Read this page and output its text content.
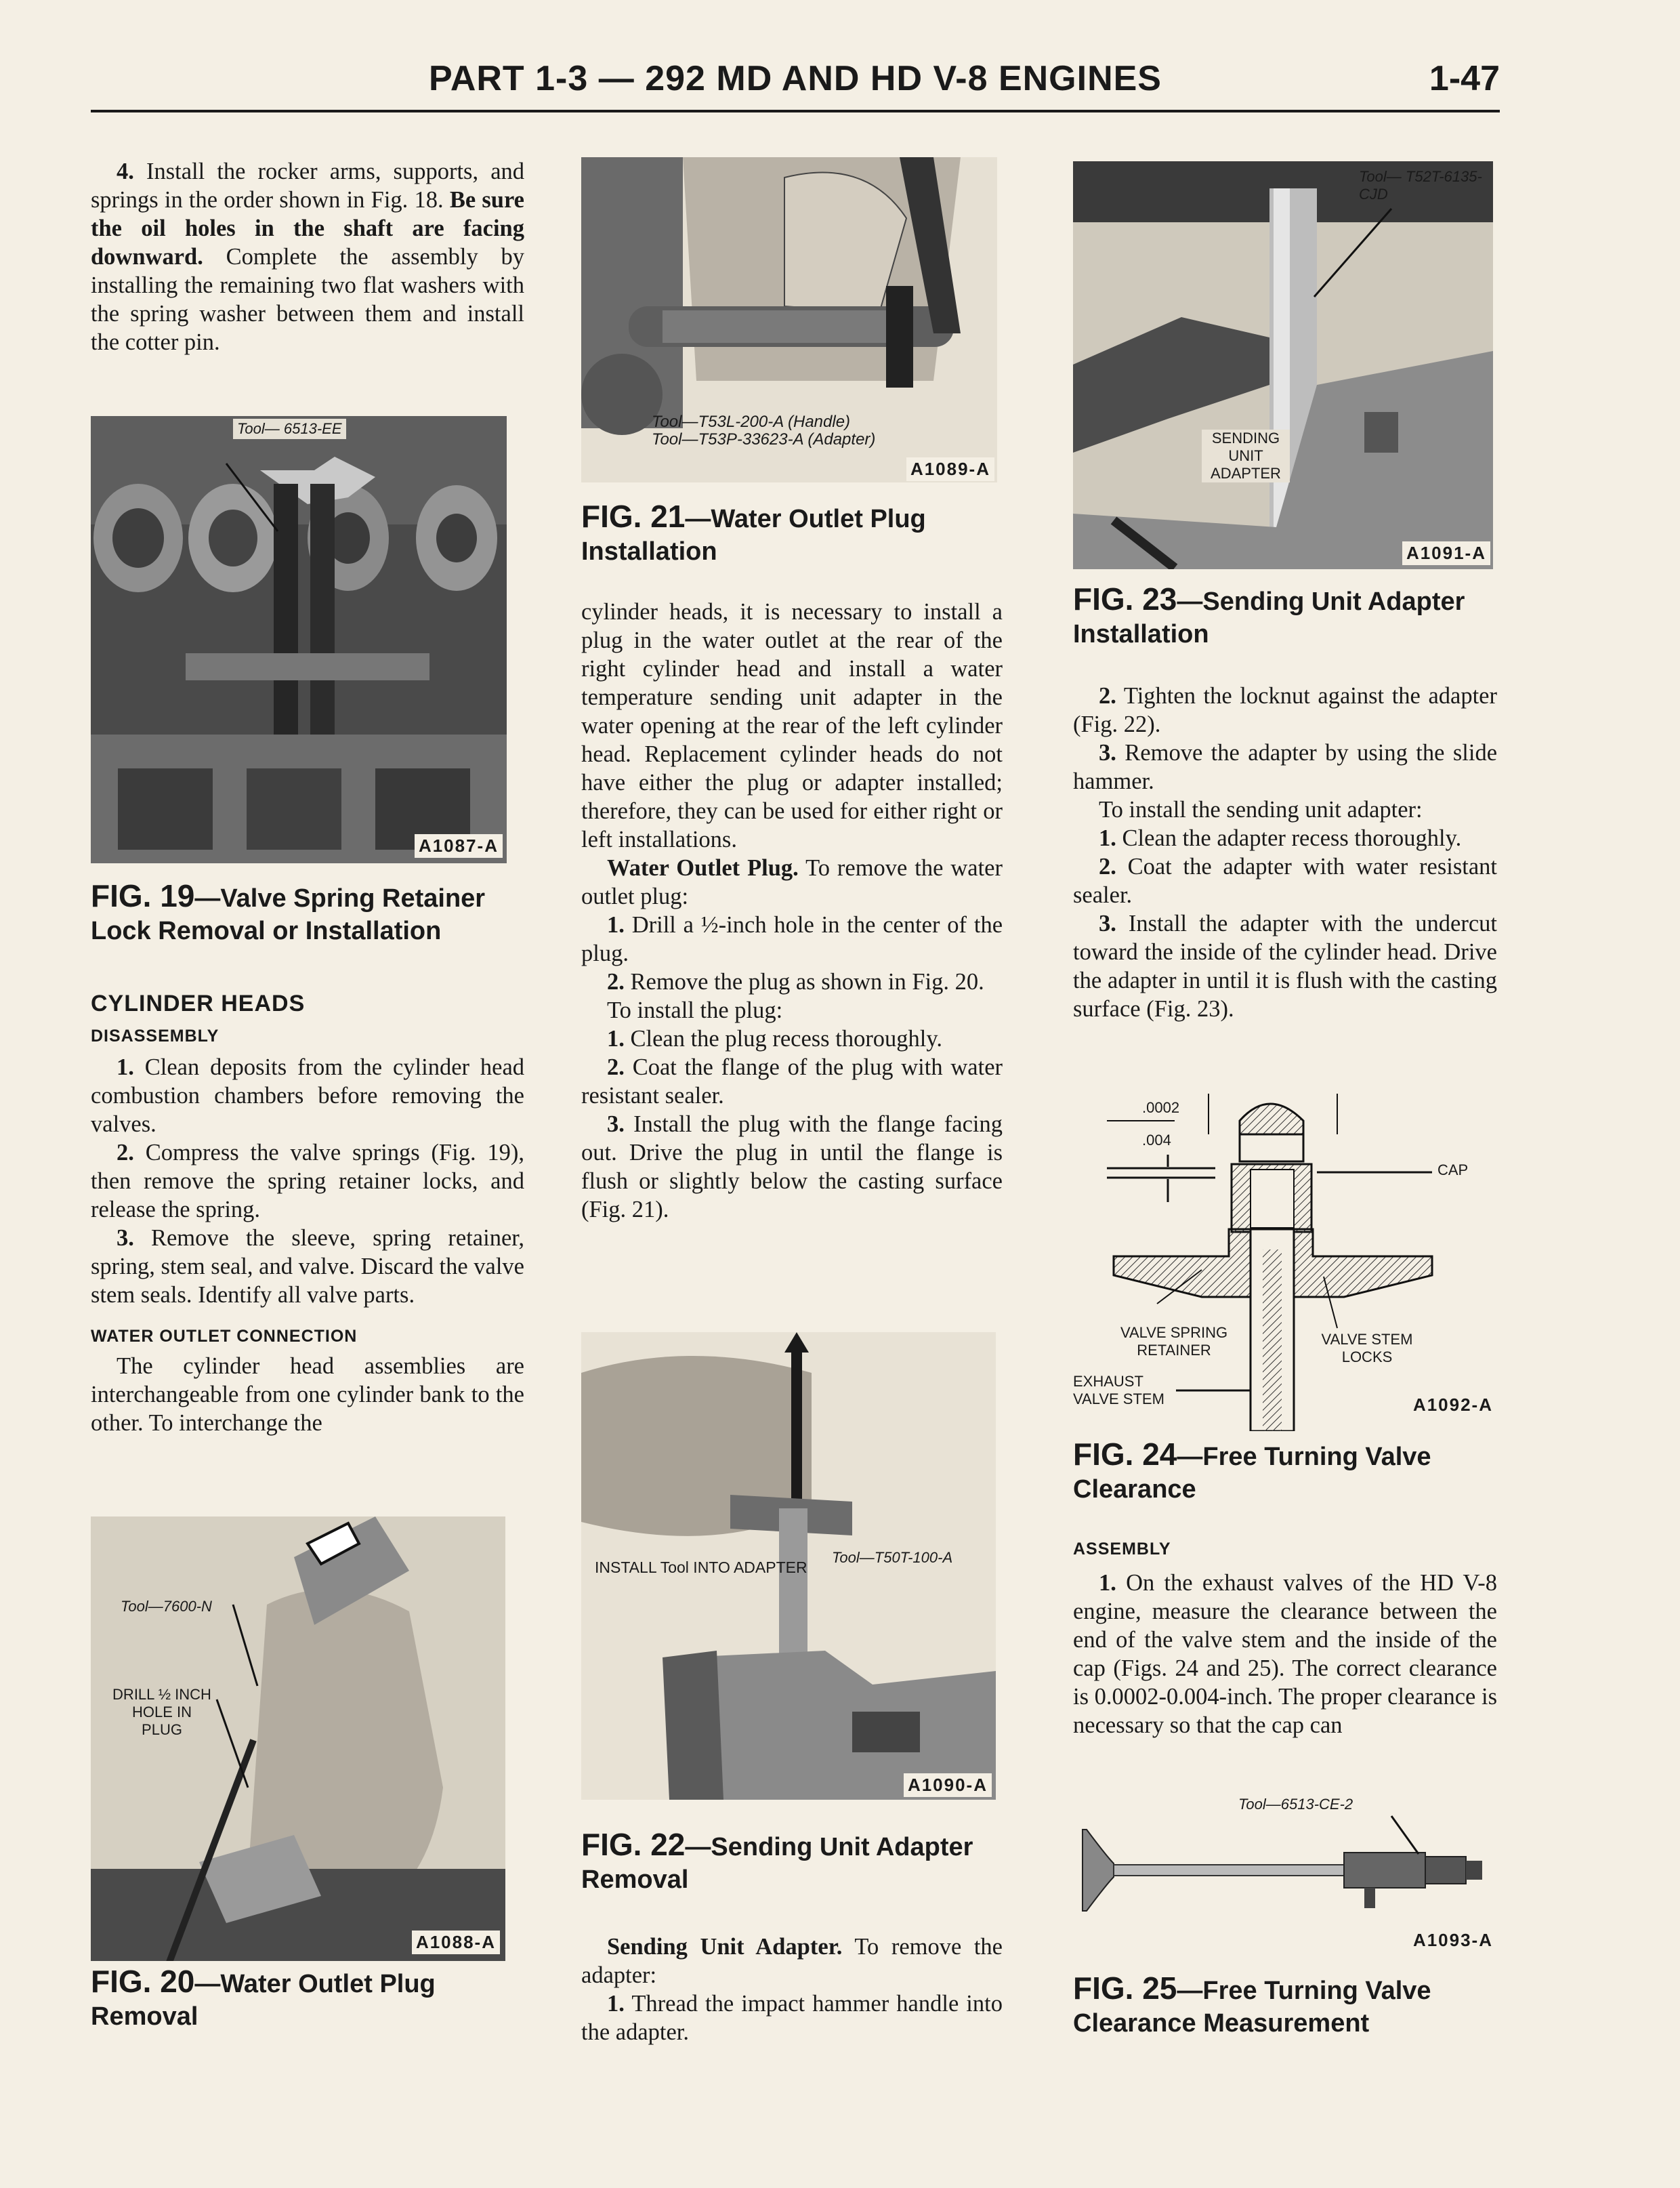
PART 1-3 — 292 MD AND HD V-8 ENGINES	1-47

4. Install the rocker arms, supports, and springs in the order shown in Fig. 18. Be sure the oil holes in the shaft are facing downward. Complete the assembly by installing the remaining two flat washers with the spring washer between them and install the cotter pin.

Tool— 6513-EE
A1087-A
FIG. 19—Valve Spring Retainer Lock Removal or Installation

CYLINDER HEADS

DISASSEMBLY

1. Clean deposits from the cylinder head combustion chambers before removing the valves.

2. Compress the valve springs (Fig. 19), then remove the spring retainer locks, and release the spring.

3. Remove the sleeve, spring retainer, spring, stem seal, and valve. Discard the valve stem seals. Identify all valve parts.

WATER OUTLET CONNECTION

The cylinder head assemblies are interchangeable from one cylinder bank to the other. To interchange the

Tool—7600-N
DRILL ½ INCH HOLE IN PLUG
A1088-A
FIG. 20—Water Outlet Plug Removal
Tool—T53L-200-A (Handle)
Tool—T53P-33623-A (Adapter)
A1089-A
FIG. 21—Water Outlet Plug Installation

cylinder heads, it is necessary to install a plug in the water outlet at the rear of the right cylinder head and install a water temperature sending unit adapter in the water opening at the rear of the left cylinder head. Replacement cylinder heads do not have either the plug or adapter installed; therefore, they can be used for either right or left installations.

Water Outlet Plug. To remove the water outlet plug:

1. Drill a ½-inch hole in the center of the plug.

2. Remove the plug as shown in Fig. 20.

To install the plug:

1. Clean the plug recess thoroughly.

2. Coat the flange of the plug with water resistant sealer.

3. Install the plug with the flange facing out. Drive the plug in until the flange is flush or slightly below the casting surface (Fig. 21).

INSTALL Tool INTO ADAPTER
Tool—T50T-100-A
A1090-A
FIG. 22—Sending Unit Adapter Removal

Sending Unit Adapter. To remove the adapter:

1. Thread the impact hammer handle into the adapter.

Tool— T52T-6135-CJD
SENDING UNIT ADAPTER
A1091-A
FIG. 23—Sending Unit Adapter Installation

2. Tighten the locknut against the adapter (Fig. 22).

3. Remove the adapter by using the slide hammer.

To install the sending unit adapter:

1. Clean the adapter recess thoroughly.

2. Coat the adapter with water resistant sealer.

3. Install the adapter with the undercut toward the inside of the cylinder head. Drive the adapter in until it is flush with the casting surface (Fig. 23).

.0002
.004
CAP
VALVE SPRING RETAINER
EXHAUST VALVE STEM
VALVE STEM LOCKS
A1092-A
FIG. 24—Free Turning Valve Clearance

ASSEMBLY

1. On the exhaust valves of the HD V-8 engine, measure the clearance between the end of the valve stem and the inside of the cap (Figs. 24 and 25). The correct clearance is 0.0002-0.004-inch. The proper clearance is necessary so that the cap can

Tool—6513-CE-2
A1093-A
FIG. 25—Free Turning Valve Clearance Measurement
